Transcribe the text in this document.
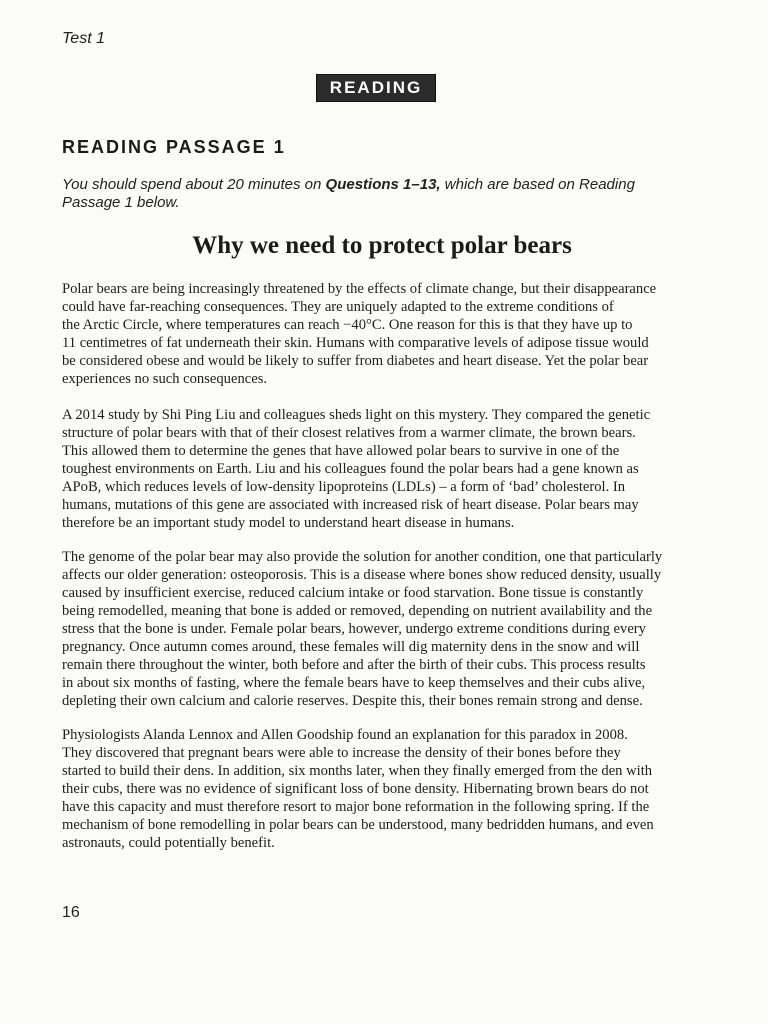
Test 1
READING
READING PASSAGE 1
You should spend about 20 minutes on Questions 1–13, which are based on Reading
Passage 1 below.
Why we need to protect polar bears
Polar bears are being increasingly threatened by the effects of climate change, but their disappearance
could have far-reaching consequences. They are uniquely adapted to the extreme conditions of
the Arctic Circle, where temperatures can reach −40°C. One reason for this is that they have up to
11 centimetres of fat underneath their skin. Humans with comparative levels of adipose tissue would
be considered obese and would be likely to suffer from diabetes and heart disease. Yet the polar bear
experiences no such consequences.
A 2014 study by Shi Ping Liu and colleagues sheds light on this mystery. They compared the genetic
structure of polar bears with that of their closest relatives from a warmer climate, the brown bears.
This allowed them to determine the genes that have allowed polar bears to survive in one of the
toughest environments on Earth. Liu and his colleagues found the polar bears had a gene known as
APoB, which reduces levels of low-density lipoproteins (LDLs) – a form of ‘bad’ cholesterol. In
humans, mutations of this gene are associated with increased risk of heart disease. Polar bears may
therefore be an important study model to understand heart disease in humans.
The genome of the polar bear may also provide the solution for another condition, one that particularly
affects our older generation: osteoporosis. This is a disease where bones show reduced density, usually
caused by insufficient exercise, reduced calcium intake or food starvation. Bone tissue is constantly
being remodelled, meaning that bone is added or removed, depending on nutrient availability and the
stress that the bone is under. Female polar bears, however, undergo extreme conditions during every
pregnancy. Once autumn comes around, these females will dig maternity dens in the snow and will
remain there throughout the winter, both before and after the birth of their cubs. This process results
in about six months of fasting, where the female bears have to keep themselves and their cubs alive,
depleting their own calcium and calorie reserves. Despite this, their bones remain strong and dense.
Physiologists Alanda Lennox and Allen Goodship found an explanation for this paradox in 2008.
They discovered that pregnant bears were able to increase the density of their bones before they
started to build their dens. In addition, six months later, when they finally emerged from the den with
their cubs, there was no evidence of significant loss of bone density. Hibernating brown bears do not
have this capacity and must therefore resort to major bone reformation in the following spring. If the
mechanism of bone remodelling in polar bears can be understood, many bedridden humans, and even
astronauts, could potentially benefit.
16
